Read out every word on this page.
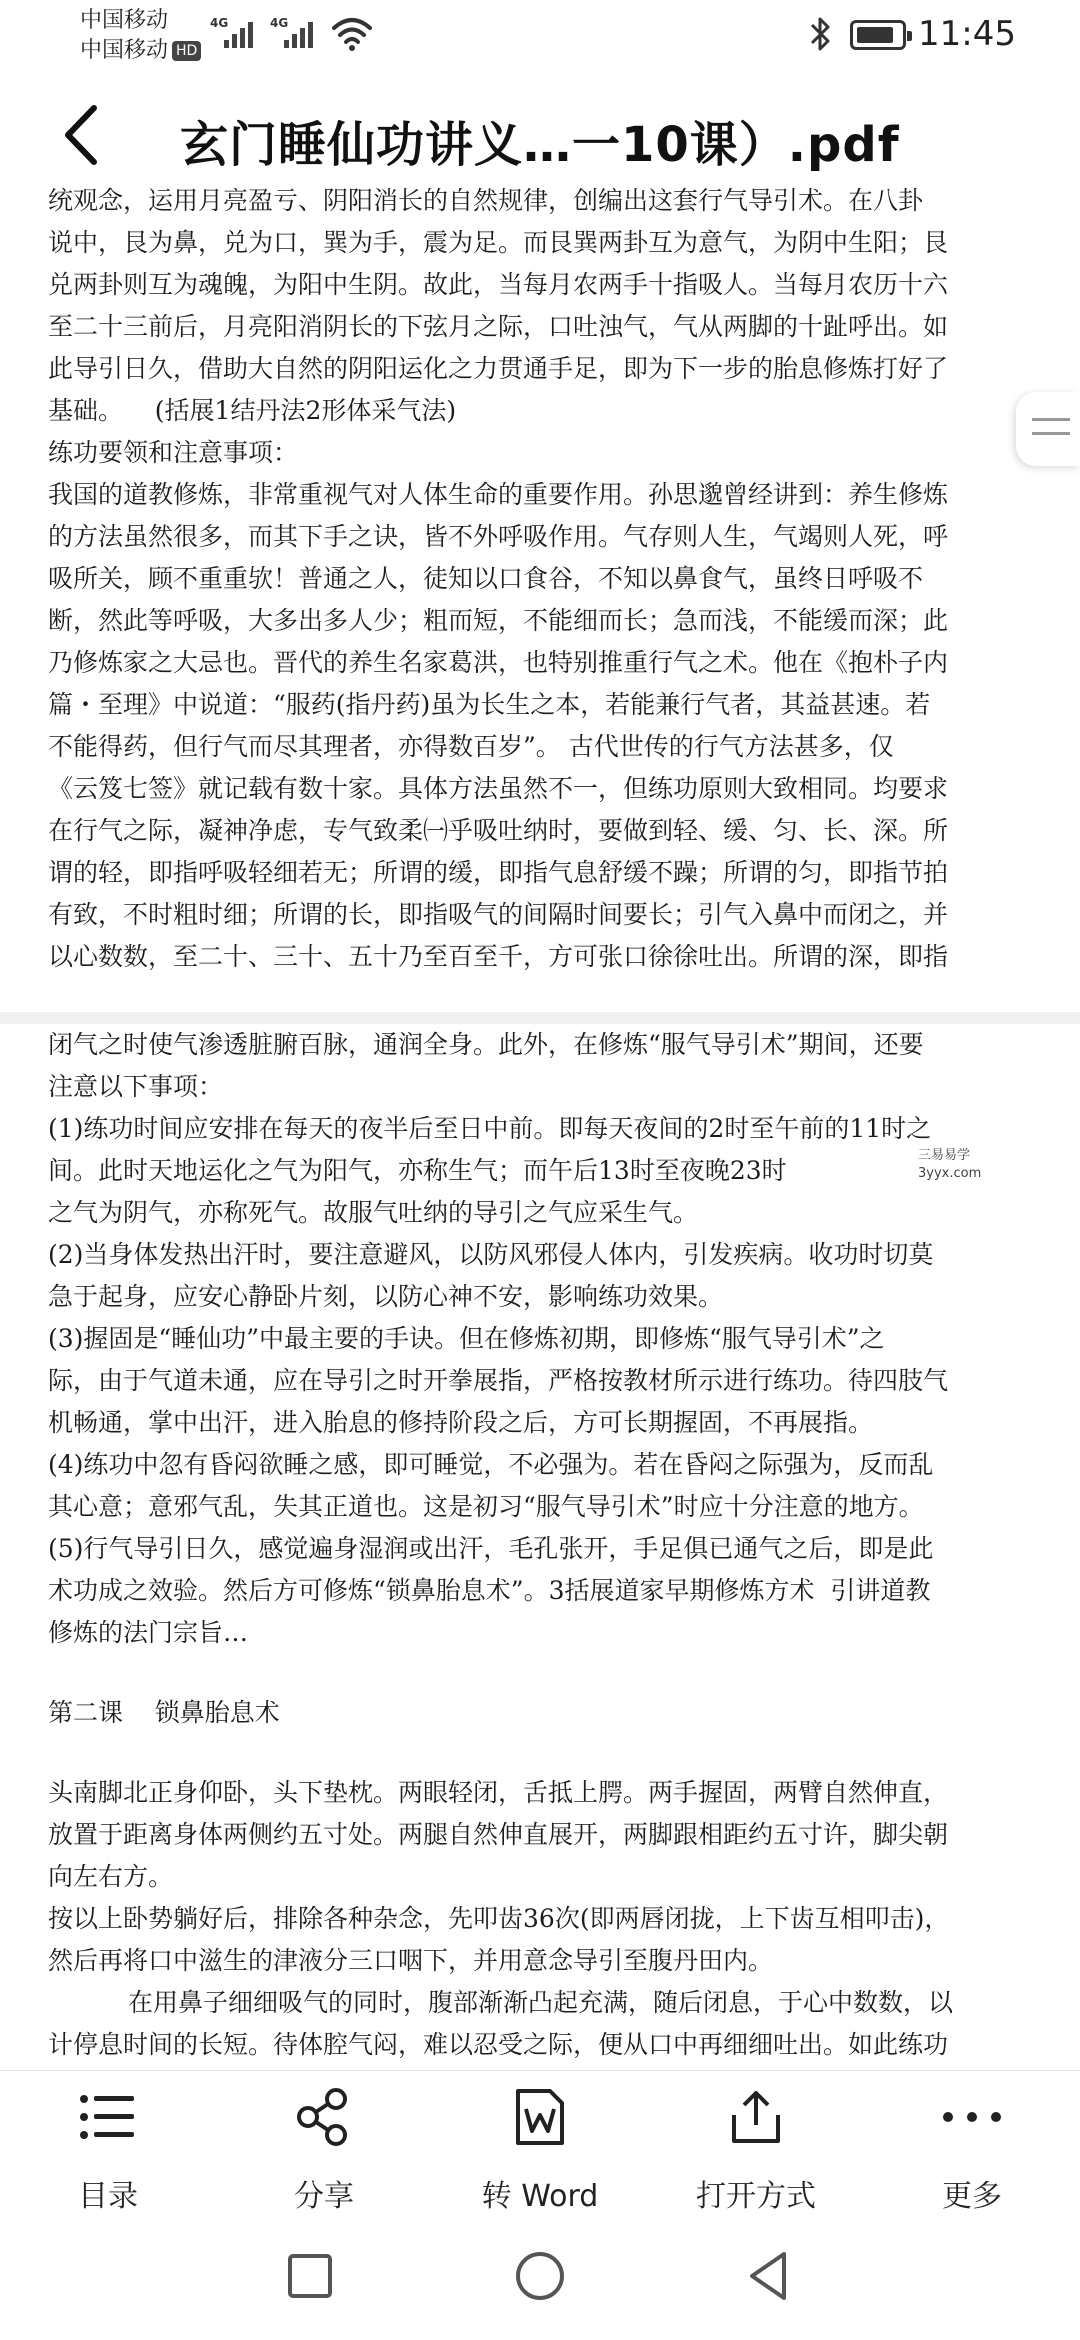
中国移动
中国移动 HD
4G	4G	11:45
玄门睡仙功讲义…一10课）.pdf
统观念，运用月亮盈亏、阴阳消长的自然规律，创编出这套行气导引术。在八卦
说中，艮为鼻，兑为口，巽为手，震为足。而艮巽两卦互为意气，为阴中生阳；艮
兑两卦则互为魂魄，为阳中生阴。故此，当每月农两手十指吸人。当每月农历十六
至二十三前后，月亮阳消阴长的下弦月之际，口吐浊气，气从两脚的十趾呼出。如
此导引日久，借助大自然的阴阳运化之力贯通手足，即为下一步的胎息修炼打好了
基础。    (括展1结丹法2形体采气法)
练功要领和注意事项：
我国的道教修炼，非常重视气对人体生命的重要作用。孙思邈曾经讲到：养生修炼
的方法虽然很多，而其下手之诀，皆不外呼吸作用。气存则人生，气竭则人死，呼
吸所关，顾不重重欤！普通之人，徒知以口食谷，不知以鼻食气，虽终日呼吸不
断，然此等呼吸，大多出多人少；粗而短，不能细而长；急而浅，不能缓而深；此
乃修炼家之大忌也。晋代的养生名家葛洪，也特别推重行气之术。他在《抱朴子内
篇・至理》中说道：“服药(指丹药)虽为长生之本，若能兼行气者，其益甚速。若
不能得药，但行气而尽其理者，亦得数百岁”。 古代世传的行气方法甚多，仅
《云笈七签》就记载有数十家。具体方法虽然不一，但练功原则大致相同。均要求
在行气之际，凝神净虑，专气致柔㈠乎吸吐纳时，要做到轻、缓、匀、长、深。所
谓的轻，即指呼吸轻细若无；所谓的缓，即指气息舒缓不躁；所谓的匀，即指节拍
有致，不时粗时细；所谓的长，即指吸气的间隔时间要长；引气入鼻中而闭之，并
以心数数，至二十、三十、五十乃至百至千，方可张口徐徐吐出。所谓的深，即指
闭气之时使气渗透脏腑百脉，通润全身。此外，在修炼“服气导引术”期间，还要
注意以下事项：
(1)练功时间应安排在每天的夜半后至日中前。即每天夜间的2时至午前的11时之
间。此时天地运化之气为阳气，亦称生气；而午后13时至夜晚23时
之气为阴气，亦称死气。故服气吐纳的导引之气应采生气。
(2)当身体发热出汗时，要注意避风，以防风邪侵人体内，引发疾病。收功时切莫
急于起身，应安心静卧片刻，以防心神不安，影响练功效果。
(3)握固是“睡仙功”中最主要的手诀。但在修炼初期，即修炼“服气导引术”之
际，由于气道未通，应在导引之时开拳展指，严格按教材所示进行练功。待四肢气
机畅通，掌中出汗，进入胎息的修持阶段之后，方可长期握固，不再展指。
(4)练功中忽有昏闷欲睡之感，即可睡觉，不必强为。若在昏闷之际强为，反而乱
其心意；意邪气乱，失其正道也。这是初习“服气导引术”时应十分注意的地方。
(5)行气导引日久，感觉遍身湿润或出汗，毛孔张开，手足俱已通气之后，即是此
术功成之效验。然后方可修炼“锁鼻胎息术”。3括展道家早期修炼方术  引讲道教
修炼的法门宗旨…
第二课    锁鼻胎息术
头南脚北正身仰卧，头下垫枕。两眼轻闭，舌抵上腭。两手握固，两臂自然伸直，
放置于距离身体两侧约五寸处。两腿自然伸直展开，两脚跟相距约五寸许，脚尖朝
向左右方。
按以上卧势躺好后，排除各种杂念，先叩齿36次(即两唇闭拢，上下齿互相叩击)，
然后再将口中滋生的津液分三口咽下，并用意念导引至腹丹田内。
在用鼻子细细吸气的同时，腹部渐渐凸起充满，随后闭息，于心中数数，以
计停息时间的长短。待体腔气闷，难以忍受之际，便从口中再细细吐出。如此练功
三易易学
3yyx.com
目录	分享	转 Word	打开方式	更多
